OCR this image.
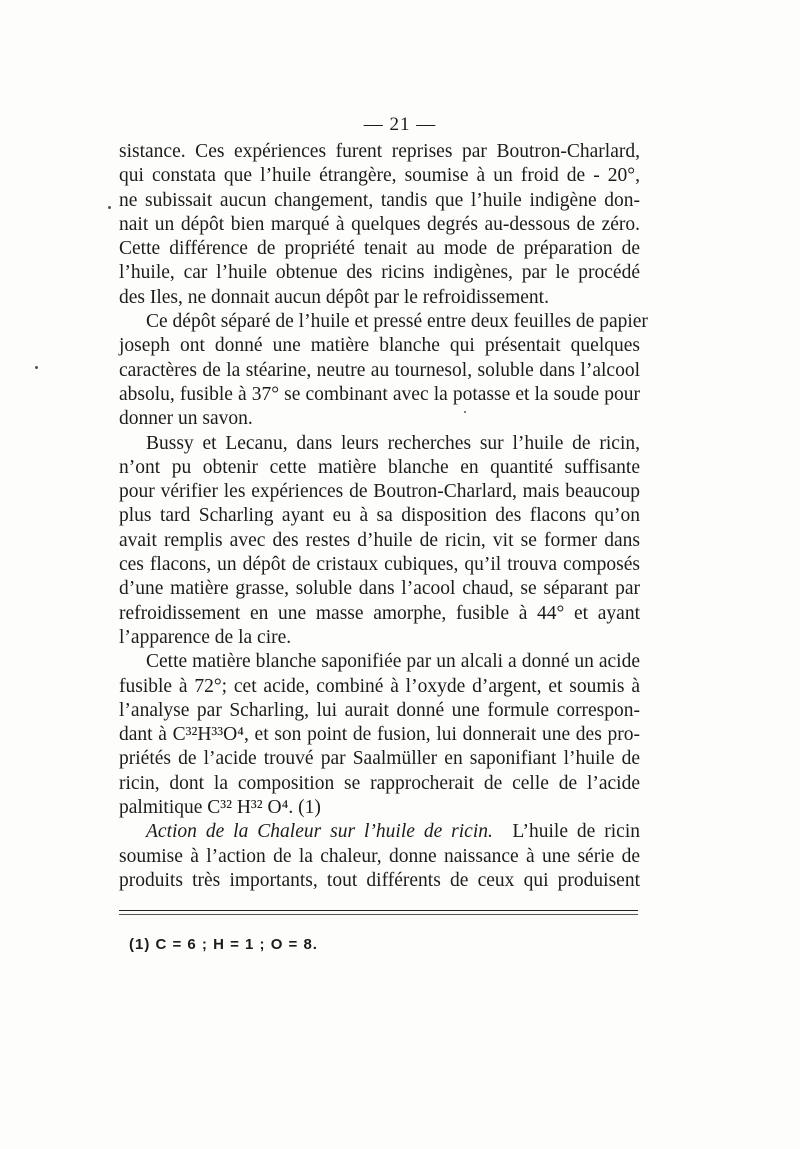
— 21 —
sistance. Ces expériences furent reprises par Boutron-Charlard,
qui constata que l’huile étrangère, soumise à un froid de - 20°,
ne subissait aucun changement, tandis que l’huile indigène don-
nait un dépôt bien marqué à quelques degrés au-dessous de zéro.
Cette différence de propriété tenait au mode de préparation de
l’huile, car l’huile obtenue des ricins indigènes, par le procédé
des Iles, ne donnait aucun dépôt par le refroidissement.
Ce dépôt séparé de l’huile et pressé entre deux feuilles de papier
joseph ont donné une matière blanche qui présentait quelques
caractères de la stéarine, neutre au tournesol, soluble dans l’alcool
absolu, fusible à 37° se combinant avec la potasse et la soude pour
donner un savon.
Bussy et Lecanu, dans leurs recherches sur l’huile de ricin,
n’ont pu obtenir cette matière blanche en quantité suffisante
pour vérifier les expériences de Boutron-Charlard, mais beaucoup
plus tard Scharling ayant eu à sa disposition des flacons qu’on
avait remplis avec des restes d’huile de ricin, vit se former dans
ces flacons, un dépôt de cristaux cubiques, qu’il trouva composés
d’une matière grasse, soluble dans l’acool chaud, se séparant par
refroidissement en une masse amorphe, fusible à 44° et ayant
l’apparence de la cire.
Cette matière blanche saponifiée par un alcali a donné un acide
fusible à 72°; cet acide, combiné à l’oxyde d’argent, et soumis à
l’analyse par Scharling, lui aurait donné une formule correspon-
dant à C³²H³³O⁴, et son point de fusion, lui donnerait une des pro-
priétés de l’acide trouvé par Saalmüller en saponifiant l’huile de
ricin, dont la composition se rapprocherait de celle de l’acide
palmitique C³² H³² O⁴. (1)
Action de la Chaleur sur l’huile de ricin.   L’huile de ricin
soumise à l’action de la chaleur, donne naissance à une série de
produits très importants, tout différents de ceux qui produisent
(1) C = 6 ; H = 1 ; O = 8.
